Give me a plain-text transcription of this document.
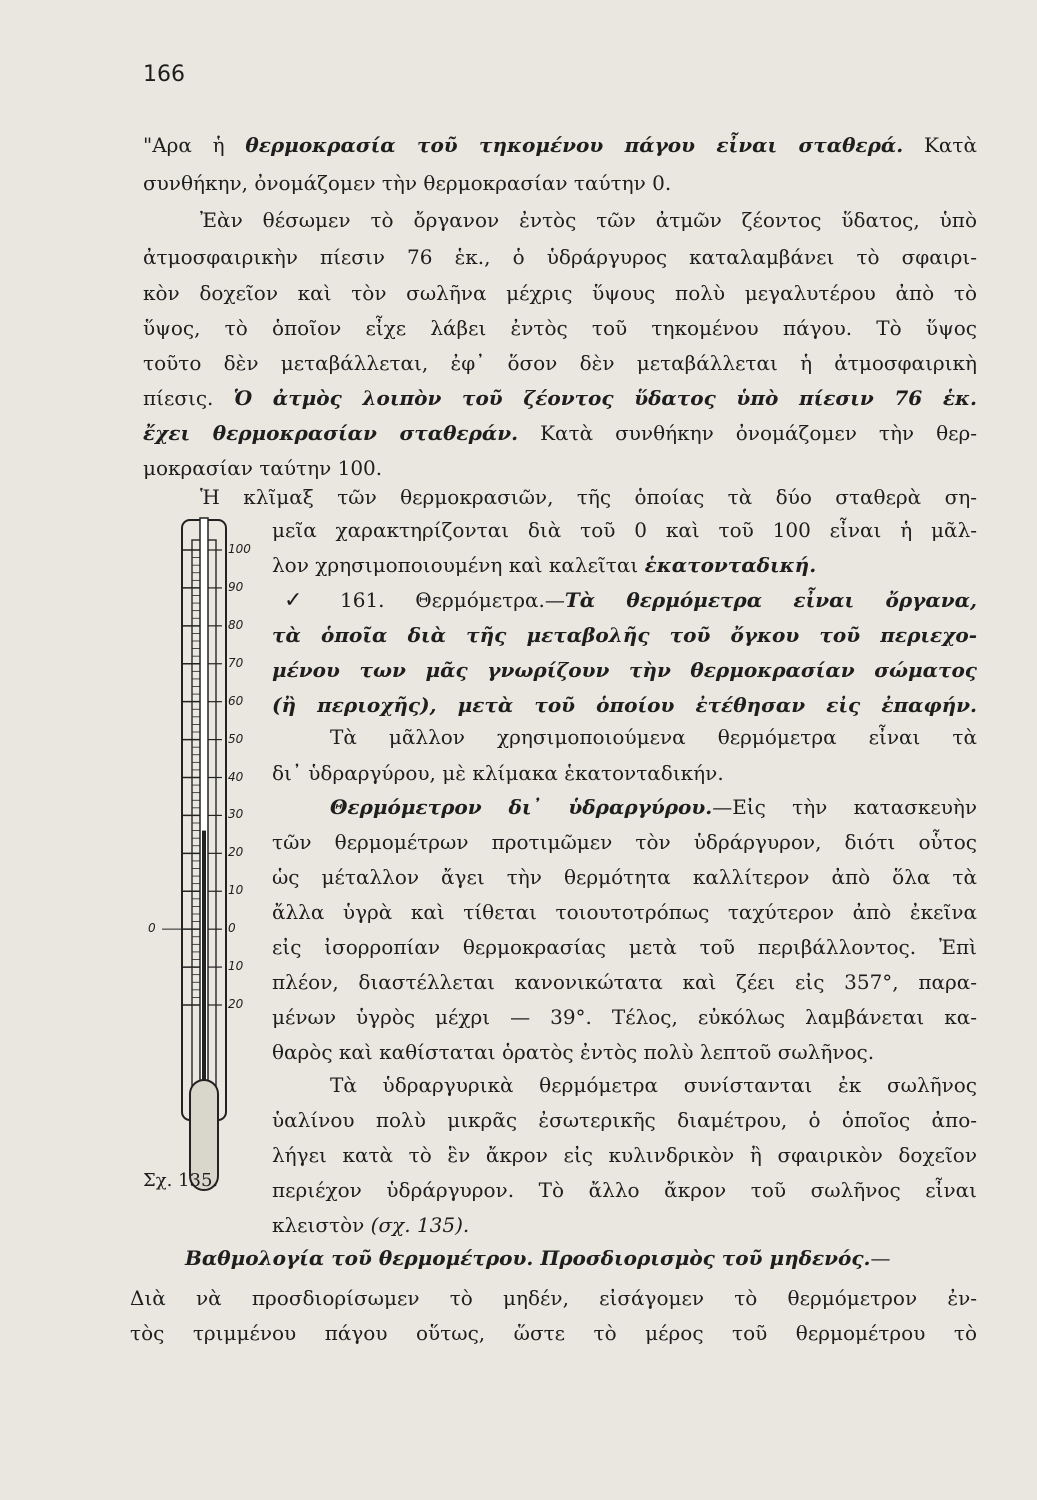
166
"Αρα ἡ θερμοκρασία τοῦ τηκομένου πάγου εἶναι σταθερά. Κατὰ
συνθήκην, ὀνομάζομεν τὴν θερμοκρασίαν ταύτην 0.
Ἐὰν θέσωμεν τὸ ὄργανον ἐντὸς τῶν ἀτμῶν ζέοντος ὕδατος, ὑπὸ
ἀτμοσφαιρικὴν πίεσιν 76 ἑκ., ὁ ὑδράργυρος καταλαμβάνει τὸ σφαιρι-
κὸν δοχεῖον καὶ τὸν σωλῆνα μέχρις ὕψους πολὺ μεγαλυτέρου ἀπὸ τὸ
ὕψος, τὸ ὁποῖον εἶχε λάβει ἐντὸς τοῦ τηκομένου πάγου. Τὸ ὕψος
τοῦτο δὲν μεταβάλλεται, ἐφ᾽ ὅσον δὲν μεταβάλλεται ἡ ἀτμοσφαιρικὴ
πίεσις. Ὁ ἀτμὸς λοιπὸν τοῦ ζέοντος ὕδατος ὑπὸ πίεσιν 76 ἑκ.
ἔχει θερμοκρασίαν σταθεράν. Κατὰ συνθήκην ὀνομάζομεν τὴν θερ-
μοκρασίαν ταύτην 100.
Ἡ κλῖμαξ τῶν θερμοκρασιῶν, τῆς ὁποίας τὰ δύο σταθερὰ ση-
μεῖα χαρακτηρίζονται διὰ τοῦ 0 καὶ τοῦ 100 εἶναι ἡ μᾶλ-
λον χρησιμοποιουμένη καὶ καλεῖται ἑκατονταδική.
161. Θερμόμετρα.—Τὰ θερμόμετρα εἶναι ὄργανα,
τὰ ὁποῖα διὰ τῆς μεταβολῆς τοῦ ὄγκου τοῦ περιεχο-
μένου των μᾶς γνωρίζουν τὴν θερμοκρασίαν σώματος
(ἢ περιοχῆς), μετὰ τοῦ ὁποίου ἐτέθησαν εἰς ἐπαφήν.
Τὰ μᾶλλον χρησιμοποιούμενα θερμόμετρα εἶναι τὰ
δι᾽ ὑδραργύρου, μὲ κλίμακα ἑκατονταδικήν.
Θερμόμετρον δι᾽ ὑδραργύρου.—Εἰς τὴν κατασκευὴν
τῶν θερμομέτρων προτιμῶμεν τὸν ὑδράργυρον, διότι οὗτος
ὡς μέταλλον ἄγει τὴν θερμότητα καλλίτερον ἀπὸ ὅλα τὰ
ἄλλα ὑγρὰ καὶ τίθεται τοιουτοτρόπως ταχύτερον ἀπὸ ἐκεῖνα
εἰς ἰσορροπίαν θερμοκρασίας μετὰ τοῦ περιβάλλοντος. Ἐπὶ
πλέον, διαστέλλεται κανονικώτατα καὶ ζέει εἰς 357°, παρα-
μένων ὑγρὸς μέχρι — 39°. Τέλος, εὐκόλως λαμβάνεται κα-
θαρὸς καὶ καθίσταται ὁρατὸς ἐντὸς πολὺ λεπτοῦ σωλῆνος.
Τὰ ὑδραργυρικὰ θερμόμετρα συνίστανται ἐκ σωλῆνος
ὑαλίνου πολὺ μικρᾶς ἐσωτερικῆς διαμέτρου, ὁ ὁποῖος ἀπο-
λήγει κατὰ τὸ ἓν ἄκρον εἰς κυλινδρικὸν ἢ σφαιρικὸν δοχεῖον
περιέχον ὑδράργυρον. Τὸ ἄλλο ἄκρον τοῦ σωλῆνος εἶναι
κλειστὸν (σχ. 135).
Βαθμολογία τοῦ θερμομέτρου. Προσδιορισμὸς τοῦ μηδενός.—
Διὰ νὰ προσδιορίσωμεν τὸ μηδέν, εἰσάγομεν τὸ θερμόμετρον ἐν-
τὸς τριμμένου πάγου οὕτως, ὥστε τὸ μέρος τοῦ θερμομέτρου τὸ
✓
100
90
80
70
60
50
40
30
20
10
0
10
20
0
Σχ. 135.
